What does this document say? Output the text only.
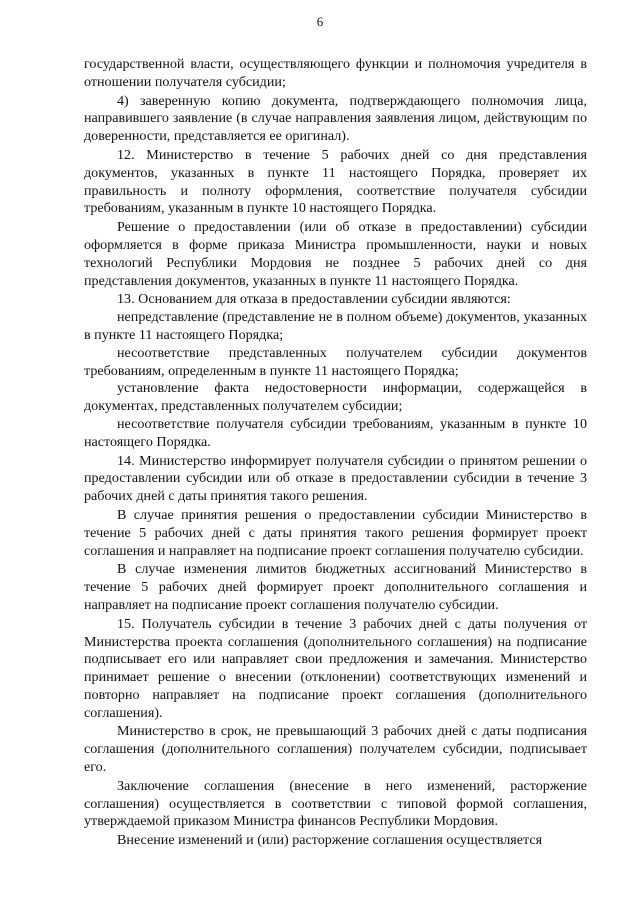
6

государственной власти, осуществляющего функции и полномочия учредителя в отношении получателя субсидии;

4) заверенную копию документа, подтверждающего полномочия лица, направившего заявление (в случае направления заявления лицом, действующим по доверенности, представляется ее оригинал).

12. Министерство в течение 5 рабочих дней со дня представления документов, указанных в пункте 11 настоящего Порядка, проверяет их правильность и полноту оформления, соответствие получателя субсидии требованиям, указанным в пункте 10 настоящего Порядка.

Решение о предоставлении (или об отказе в предоставлении) субсидии оформляется в форме приказа Министра промышленности, науки и новых технологий Республики Мордовия не позднее 5 рабочих дней со дня представления документов, указанных в пункте 11 настоящего Порядка.

13. Основанием для отказа в предоставлении субсидии являются:

непредставление (представление не в полном объеме) документов, указанных в пункте 11 настоящего Порядка;

несоответствие представленных получателем субсидии документов требованиям, определенным в пункте 11 настоящего Порядка;

установление факта недостоверности информации, содержащейся в документах, представленных получателем субсидии;

несоответствие получателя субсидии требованиям, указанным в пункте 10 настоящего Порядка.

14. Министерство информирует получателя субсидии о принятом решении о предоставлении субсидии или об отказе в предоставлении субсидии в течение 3 рабочих дней с даты принятия такого решения.

В случае принятия решения о предоставлении субсидии Министерство в течение 5 рабочих дней с даты принятия такого решения формирует проект соглашения и направляет на подписание проект соглашения получателю субсидии.

В случае изменения лимитов бюджетных ассигнований Министерство в течение 5 рабочих дней формирует проект дополнительного соглашения и направляет на подписание проект соглашения получателю субсидии.

15. Получатель субсидии в течение 3 рабочих дней с даты получения от Министерства проекта соглашения (дополнительного соглашения) на подписание подписывает его или направляет свои предложения и замечания. Министерство принимает решение о внесении (отклонении) соответствующих изменений и повторно направляет на подписание проект соглашения (дополнительного соглашения).

Министерство в срок, не превышающий 3 рабочих дней с даты подписания соглашения (дополнительного соглашения) получателем субсидии, подписывает его.

Заключение соглашения (внесение в него изменений, расторжение соглашения) осуществляется в соответствии с типовой формой соглашения, утверждаемой приказом Министра финансов Республики Мордовия.

Внесение изменений и (или) расторжение соглашения осуществляется
